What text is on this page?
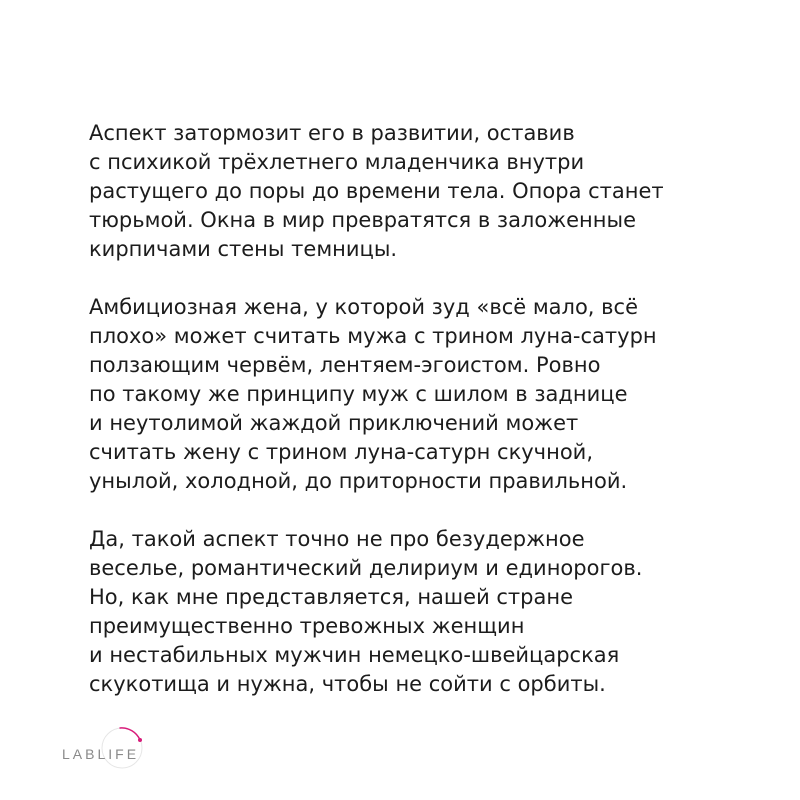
Аспект затормозит его в развитии, оставив
с психикой трёхлетнего младенчика внутри
растущего до поры до времени тела. Опора станет
тюрьмой. Окна в мир превратятся в заложенные
кирпичами стены темницы.
Амбициозная жена, у которой зуд «всё мало, всё
плохо» может считать мужа с трином луна-сатурн
ползающим червём, лентяем-эгоистом. Ровно
по такому же принципу муж с шилом в заднице
и неутолимой жаждой приключений может
считать жену с трином луна-сатурн скучной,
унылой, холодной, до приторности правильной.
Да, такой аспект точно не про безудержное
веселье, романтический делириум и единорогов.
Но, как мне представляется, нашей стране
преимущественно тревожных женщин
и нестабильных мужчин немецко-швейцарская
скукотища и нужна, чтобы не сойти с орбиты.
LABLIFE
